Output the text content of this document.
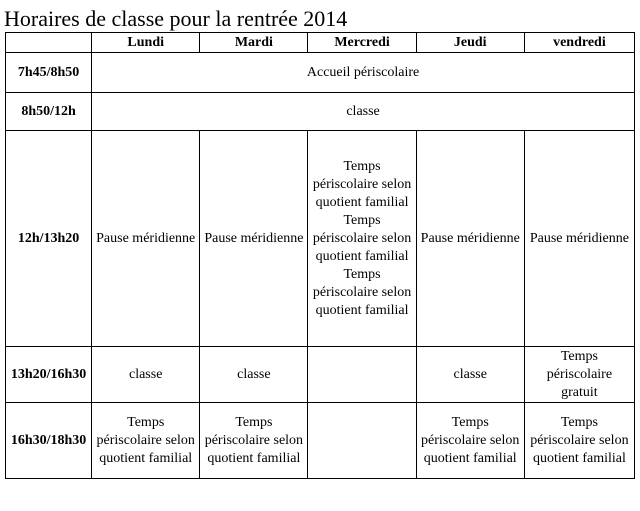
Horaires de classe pour la rentrée 2014
	Lundi	Mardi	Mercredi	Jeudi	vendredi
7h45/8h50	Accueil périscolaire				
8h50/12h	classe				
12h/13h20	Pause méridienne	Pause méridienne	Temps périscolaire selon quotient familial Temps périscolaire selon quotient familial Temps périscolaire selon quotient familial	Pause méridienne	Pause méridienne
13h20/16h30	classe	classe		classe	Temps périscolaire gratuit
16h30/18h30	Temps périscolaire selon quotient familial	Temps périscolaire selon quotient familial		Temps périscolaire selon quotient familial	Temps périscolaire selon quotient familial
